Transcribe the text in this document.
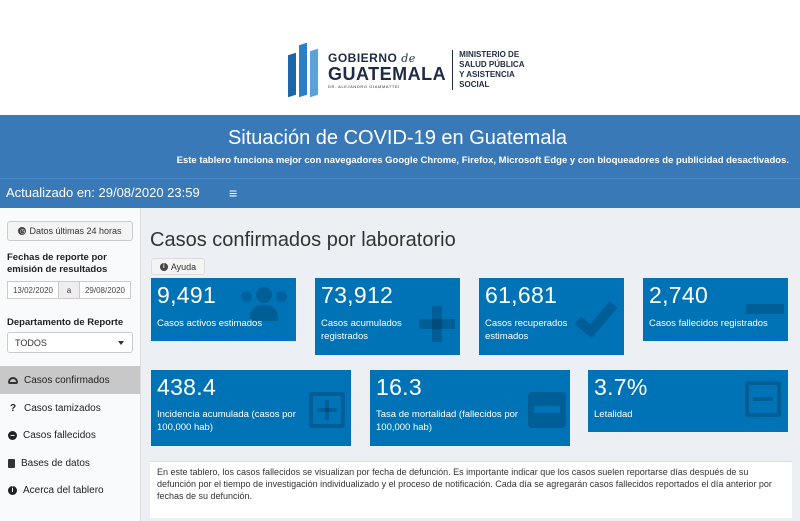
GOBIERNO de
GUATEMALA
DR. ALEJANDRO GIAMMATTEI
MINISTERIO DE
SALUD PÚBLICA
Y ASISTENCIA
SOCIAL
Situación de COVID-19 en Guatemala
Este tablero funciona mejor con navegadores Google Chrome, Firefox, Microsoft Edge y con bloqueadores de publicidad desactivados.
Actualizado en: 29/08/2020 23:59 ≡
◷ Datos últimas 24 horas
Fechas de reporte por emisión de resultados
13/02/2020	a	29/08/2020
Departamento de Reporte
TODOS
Casos confirmados
? Casos tamizados
− Casos fallecidos
Bases de datos
i Acerca del tablero
Casos confirmados por laboratorio
i Ayuda
9,491
Casos activos estimados
73,912
Casos acumulados registrados
61,681
Casos recuperados estimados
2,740
Casos fallecidos registrados
438.4
Incidencia acumulada (casos por 100,000 hab)
16.3
Tasa de mortalidad (fallecidos por 100,000 hab)
3.7%
Letalidad
En este tablero, los casos fallecidos se visualizan por fecha de defunción. Es importante indicar que los casos suelen reportarse días después de su defunción por el tiempo de investigación individualizado y el proceso de notificación. Cada día se agregarán casos fallecidos reportados el día anterior por fechas de su defunción.
